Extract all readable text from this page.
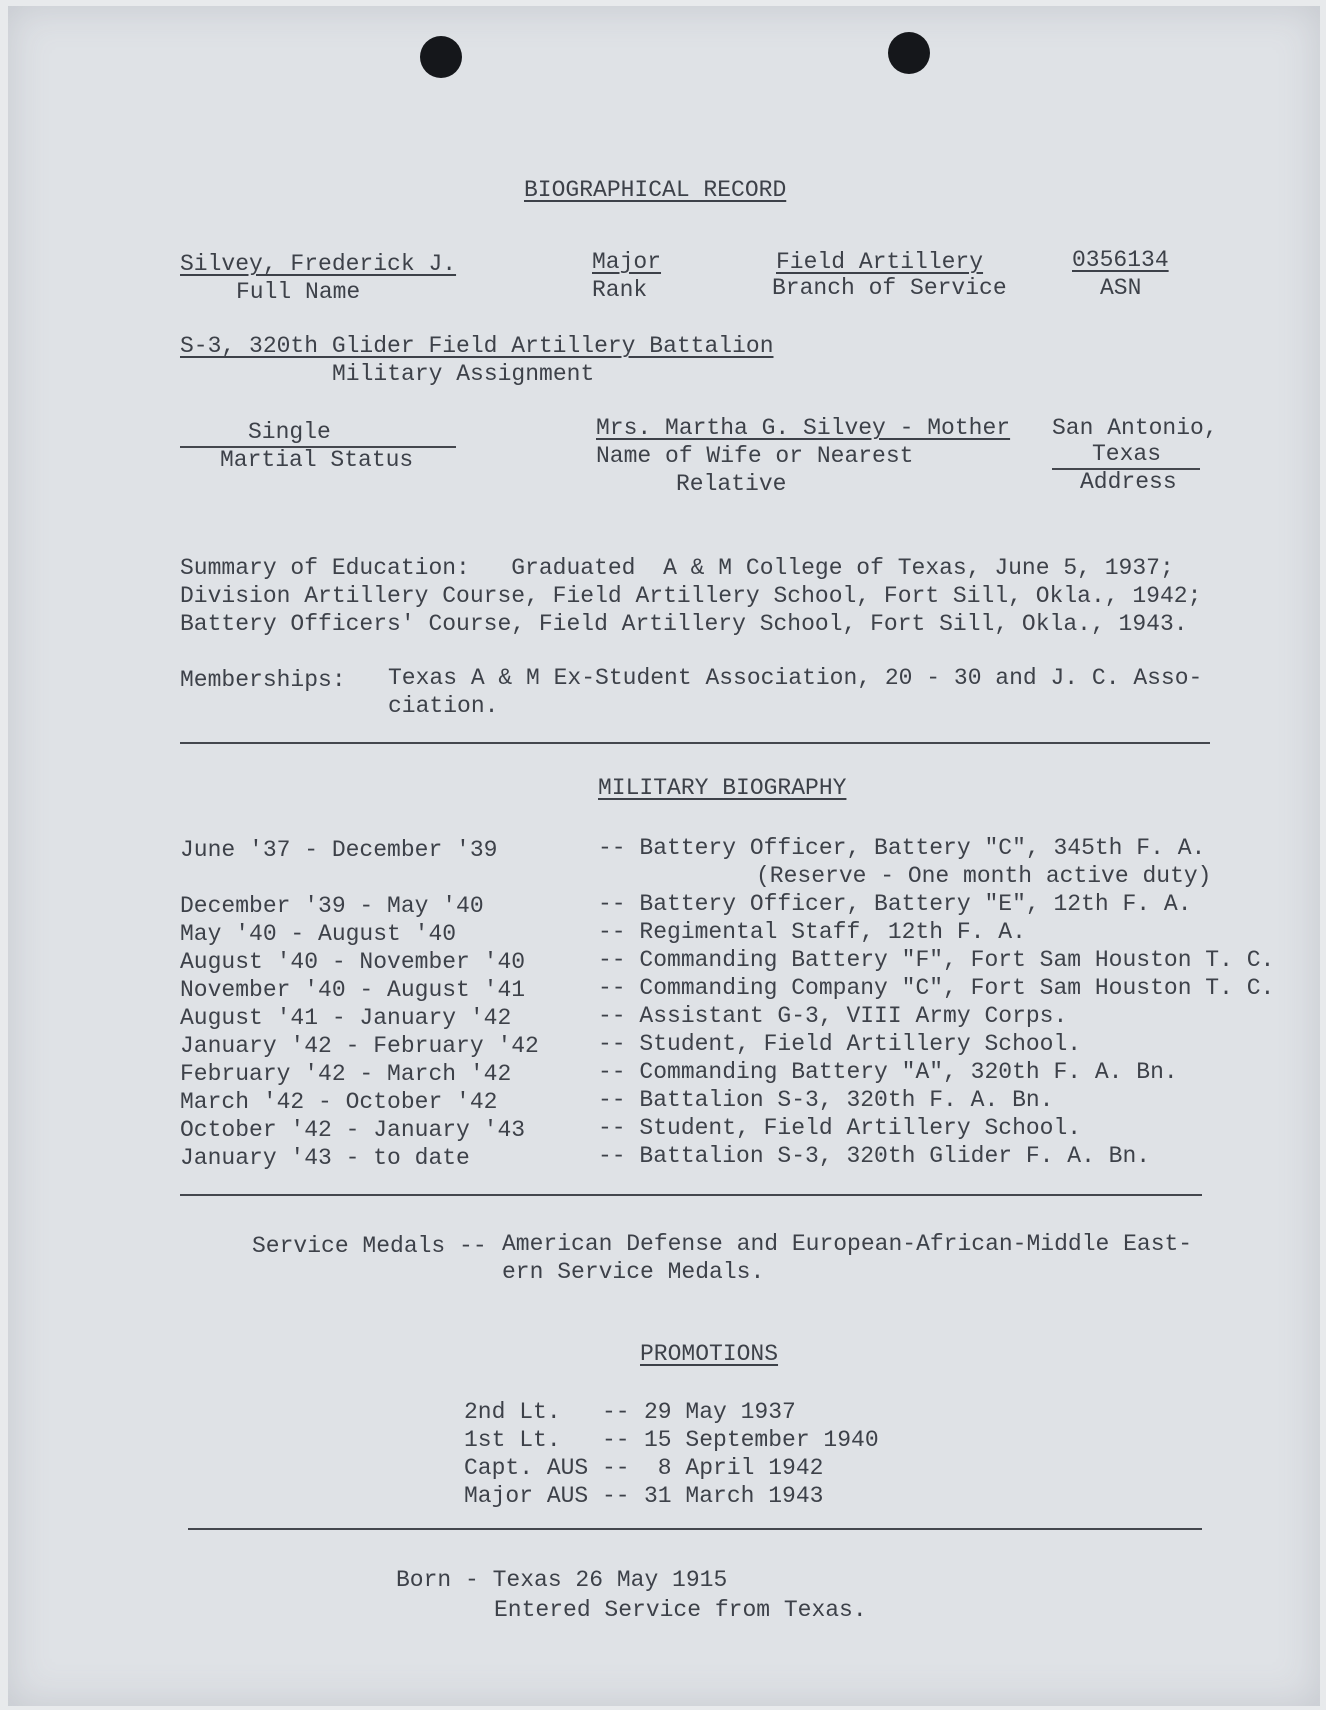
BIOGRAPHICAL RECORD
Silvey, Frederick J.
Full Name
Major
Rank
Field Artillery
Branch of Service
0356134
ASN
S-3, 320th Glider Field Artillery Battalion
Military Assignment
Single
Martial Status
Mrs. Martha G. Silvey - Mother
Name of Wife or Nearest
Relative
San Antonio,
Texas
Address
Summary of Education:   Graduated  A & M College of Texas, June 5, 1937;
Division Artillery Course, Field Artillery School, Fort Sill, Okla., 1942;
Battery Officers' Course, Field Artillery School, Fort Sill, Okla., 1943.
Memberships: Texas A & M Ex-Student Association, 20 - 30 and J. C. Asso-
ciation.
MILITARY BIOGRAPHY
June '37 - December '39	-- Battery Officer, Battery "C", 345th F. A.
(Reserve - One month active duty)
December '39 - May '40	-- Battery Officer, Battery "E", 12th F. A.
May '40 - August '40	-- Regimental Staff, 12th F. A.
August '40 - November '40	-- Commanding Battery "F", Fort Sam Houston T. C.
November '40 - August '41	-- Commanding Company "C", Fort Sam Houston T. C.
August '41 - January '42	-- Assistant G-3, VIII Army Corps.
January '42 - February '42	-- Student, Field Artillery School.
February '42 - March '42	-- Commanding Battery "A", 320th F. A. Bn.
March '42 - October '42	-- Battalion S-3, 320th F. A. Bn.
October '42 - January '43	-- Student, Field Artillery School.
January '43 - to date	-- Battalion S-3, 320th Glider F. A. Bn.
Service Medals -- American Defense and European-African-Middle East-
ern Service Medals.
PROMOTIONS
2nd Lt. -- 29 May 1937
1st Lt. -- 15 September 1940
Capt. AUS -- 8 April 1942
Major AUS -- 31 March 1943
Born - Texas 26 May 1915
Entered Service from Texas.
